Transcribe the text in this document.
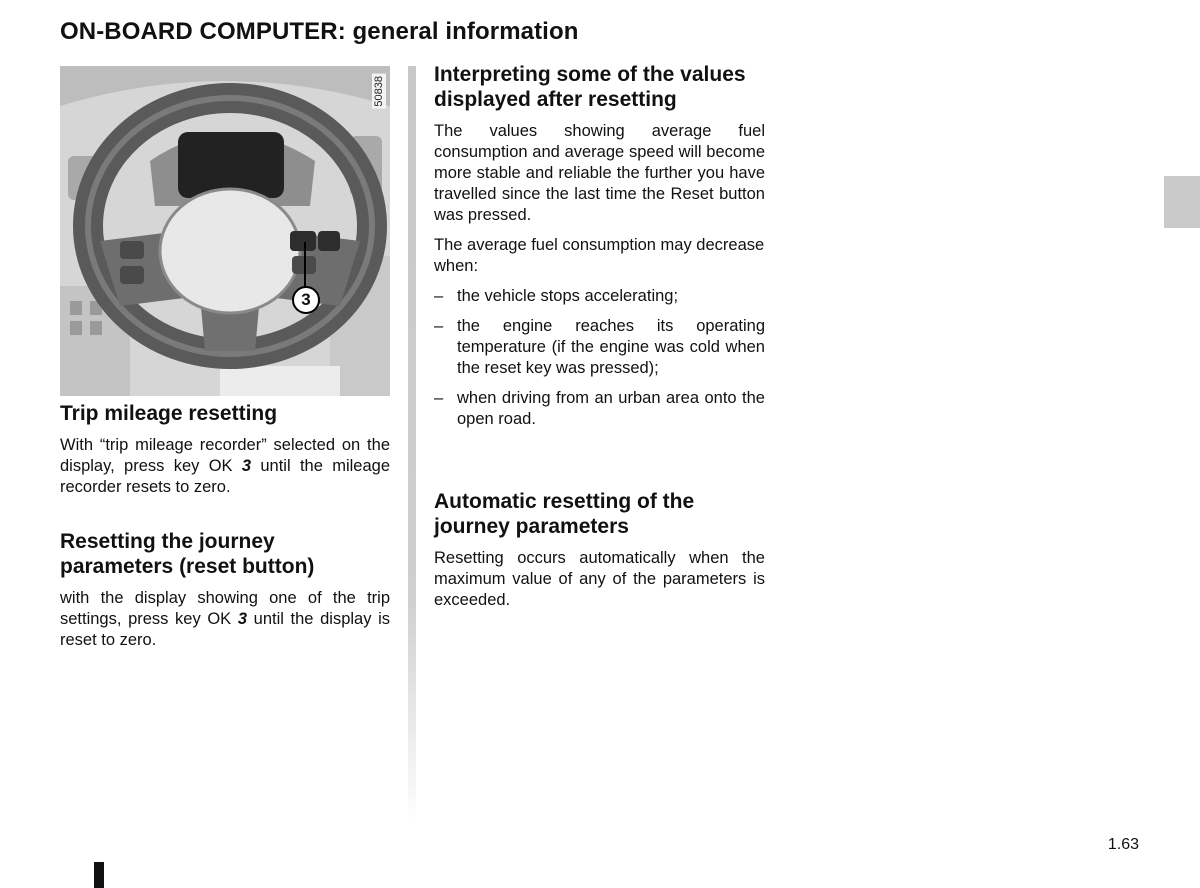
ON-BOARD COMPUTER: general information
50838
3
Trip mileage resetting

With “trip mileage recorder” selected on the display, press key OK 3 until the mileage recorder resets to zero.

Resetting the journey parameters (reset button)

with the display showing one of the trip settings, press key OK 3 until the display is reset to zero.

Interpreting some of the values displayed after resetting

The values showing average fuel consumption and average speed will become more stable and reliable the further you have travelled since the last time the Reset button was pressed.

The average fuel consumption may decrease when:

– the vehicle stops accelerating;
– the engine reaches its operating temperature (if the engine was cold when the reset key was pressed);
– when driving from an urban area onto the open road.
Automatic resetting of the journey parameters

Resetting occurs automatically when the maximum value of any of the parameters is exceeded.

1.63
